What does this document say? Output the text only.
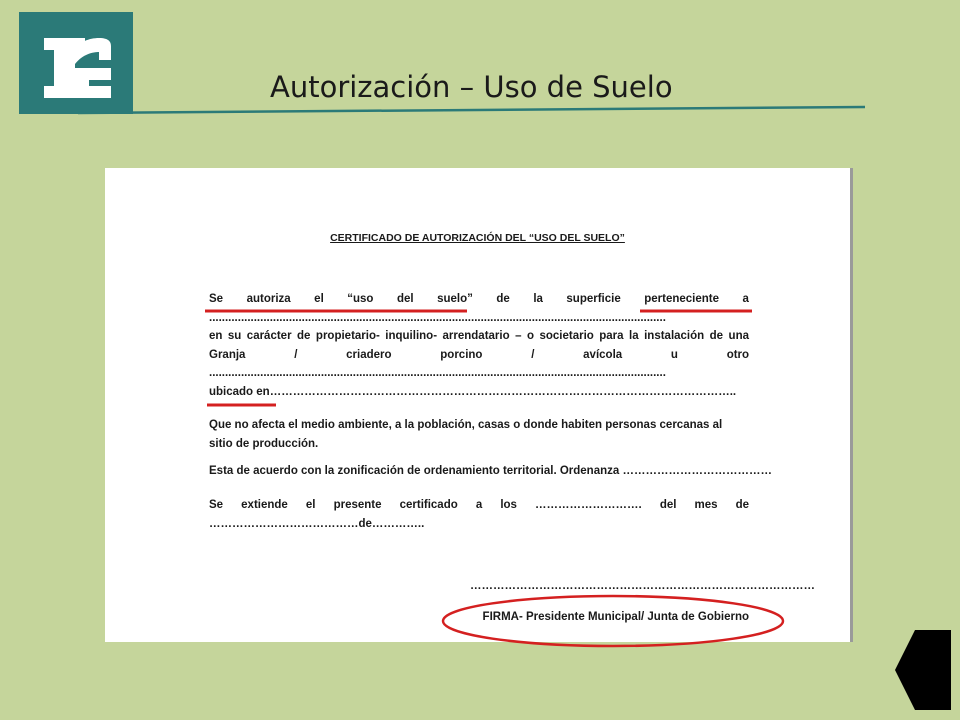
Autorización – Uso de Suelo

CERTIFICADO DE AUTORIZACIÓN DEL “USO DEL SUELO”

Se autoriza el “uso del suelo” de la superficie perteneciente a
...............................................................................................................................................
en su carácter de propietario- inquilino- arrendatario – o societario para la instalación de una
Granja	/	criadero	porcino	/	avícola	u	otro
...............................................................................................................................................
ubicado en…………………………………………………………………………………………………………..
Que no afecta el medio ambiente, a la población, casas o donde habiten personas cercanas al sitio de producción.
Esta de acuerdo con la zonificación de ordenamiento territorial. Ordenanza …………………………………
Se extiende el presente certificado a los ………………………. del mes de
…………………………………de…………..
………………………………………………………………………………
FIRMA- Presidente Municipal/ Junta de Gobierno
